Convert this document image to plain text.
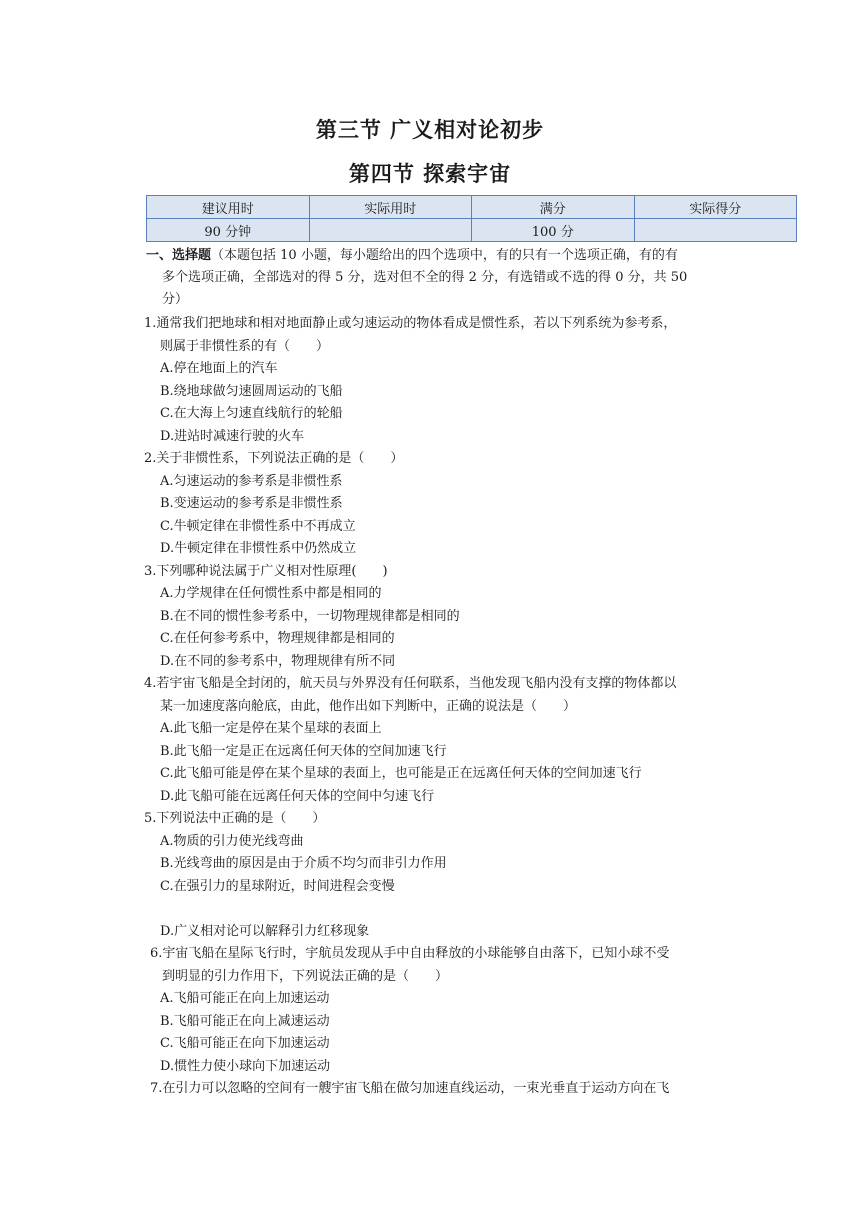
第三节 广义相对论初步
第四节 探索宇宙
建议用时	实际用时	满分	实际得分
90 分钟		100 分	
一、选择题（本题包括 10 小题，每小题给出的四个选项中，有的只有一个选项正确，有的有
多个选项正确，全部选对的得 5 分，选对但不全的得 2 分，有选错或不选的得 0 分，共 50
分）
1.通常我们把地球和相对地面静止或匀速运动的物体看成是惯性系，若以下列系统为参考系，
则属于非惯性系的有（　　）
A.停在地面上的汽车
B.绕地球做匀速圆周运动的飞船
C.在大海上匀速直线航行的轮船
D.进站时减速行驶的火车
2.关于非惯性系，下列说法正确的是（　　）
A.匀速运动的参考系是非惯性系
B.变速运动的参考系是非惯性系
C.牛顿定律在非惯性系中不再成立
D.牛顿定律在非惯性系中仍然成立
3.下列哪种说法属于广义相对性原理(　　)
A.力学规律在任何惯性系中都是相同的
B.在不同的惯性参考系中，一切物理规律都是相同的
C.在任何参考系中，物理规律都是相同的
D.在不同的参考系中，物理规律有所不同
4.若宇宙飞船是全封闭的，航天员与外界没有任何联系，当他发现飞船内没有支撑的物体都以
某一加速度落向舱底，由此，他作出如下判断中，正确的说法是（　　）
A.此飞船一定是停在某个星球的表面上
B.此飞船一定是正在远离任何天体的空间加速飞行
C.此飞船可能是停在某个星球的表面上，也可能是正在远离任何天体的空间加速飞行
D.此飞船可能在远离任何天体的空间中匀速飞行
5.下列说法中正确的是（　　）
A.物质的引力使光线弯曲
B.光线弯曲的原因是由于介质不均匀而非引力作用
C.在强引力的星球附近，时间进程会变慢
D.广义相对论可以解释引力红移现象
6.宇宙飞船在星际飞行时，宇航员发现从手中自由释放的小球能够自由落下，已知小球不受
到明显的引力作用下，下列说法正确的是（　　）
A.飞船可能正在向上加速运动
B.飞船可能正在向上减速运动
C.飞船可能正在向下加速运动
D.惯性力使小球向下加速运动
7.在引力可以忽略的空间有一艘宇宙飞船在做匀加速直线运动，一束光垂直于运动方向在飞
